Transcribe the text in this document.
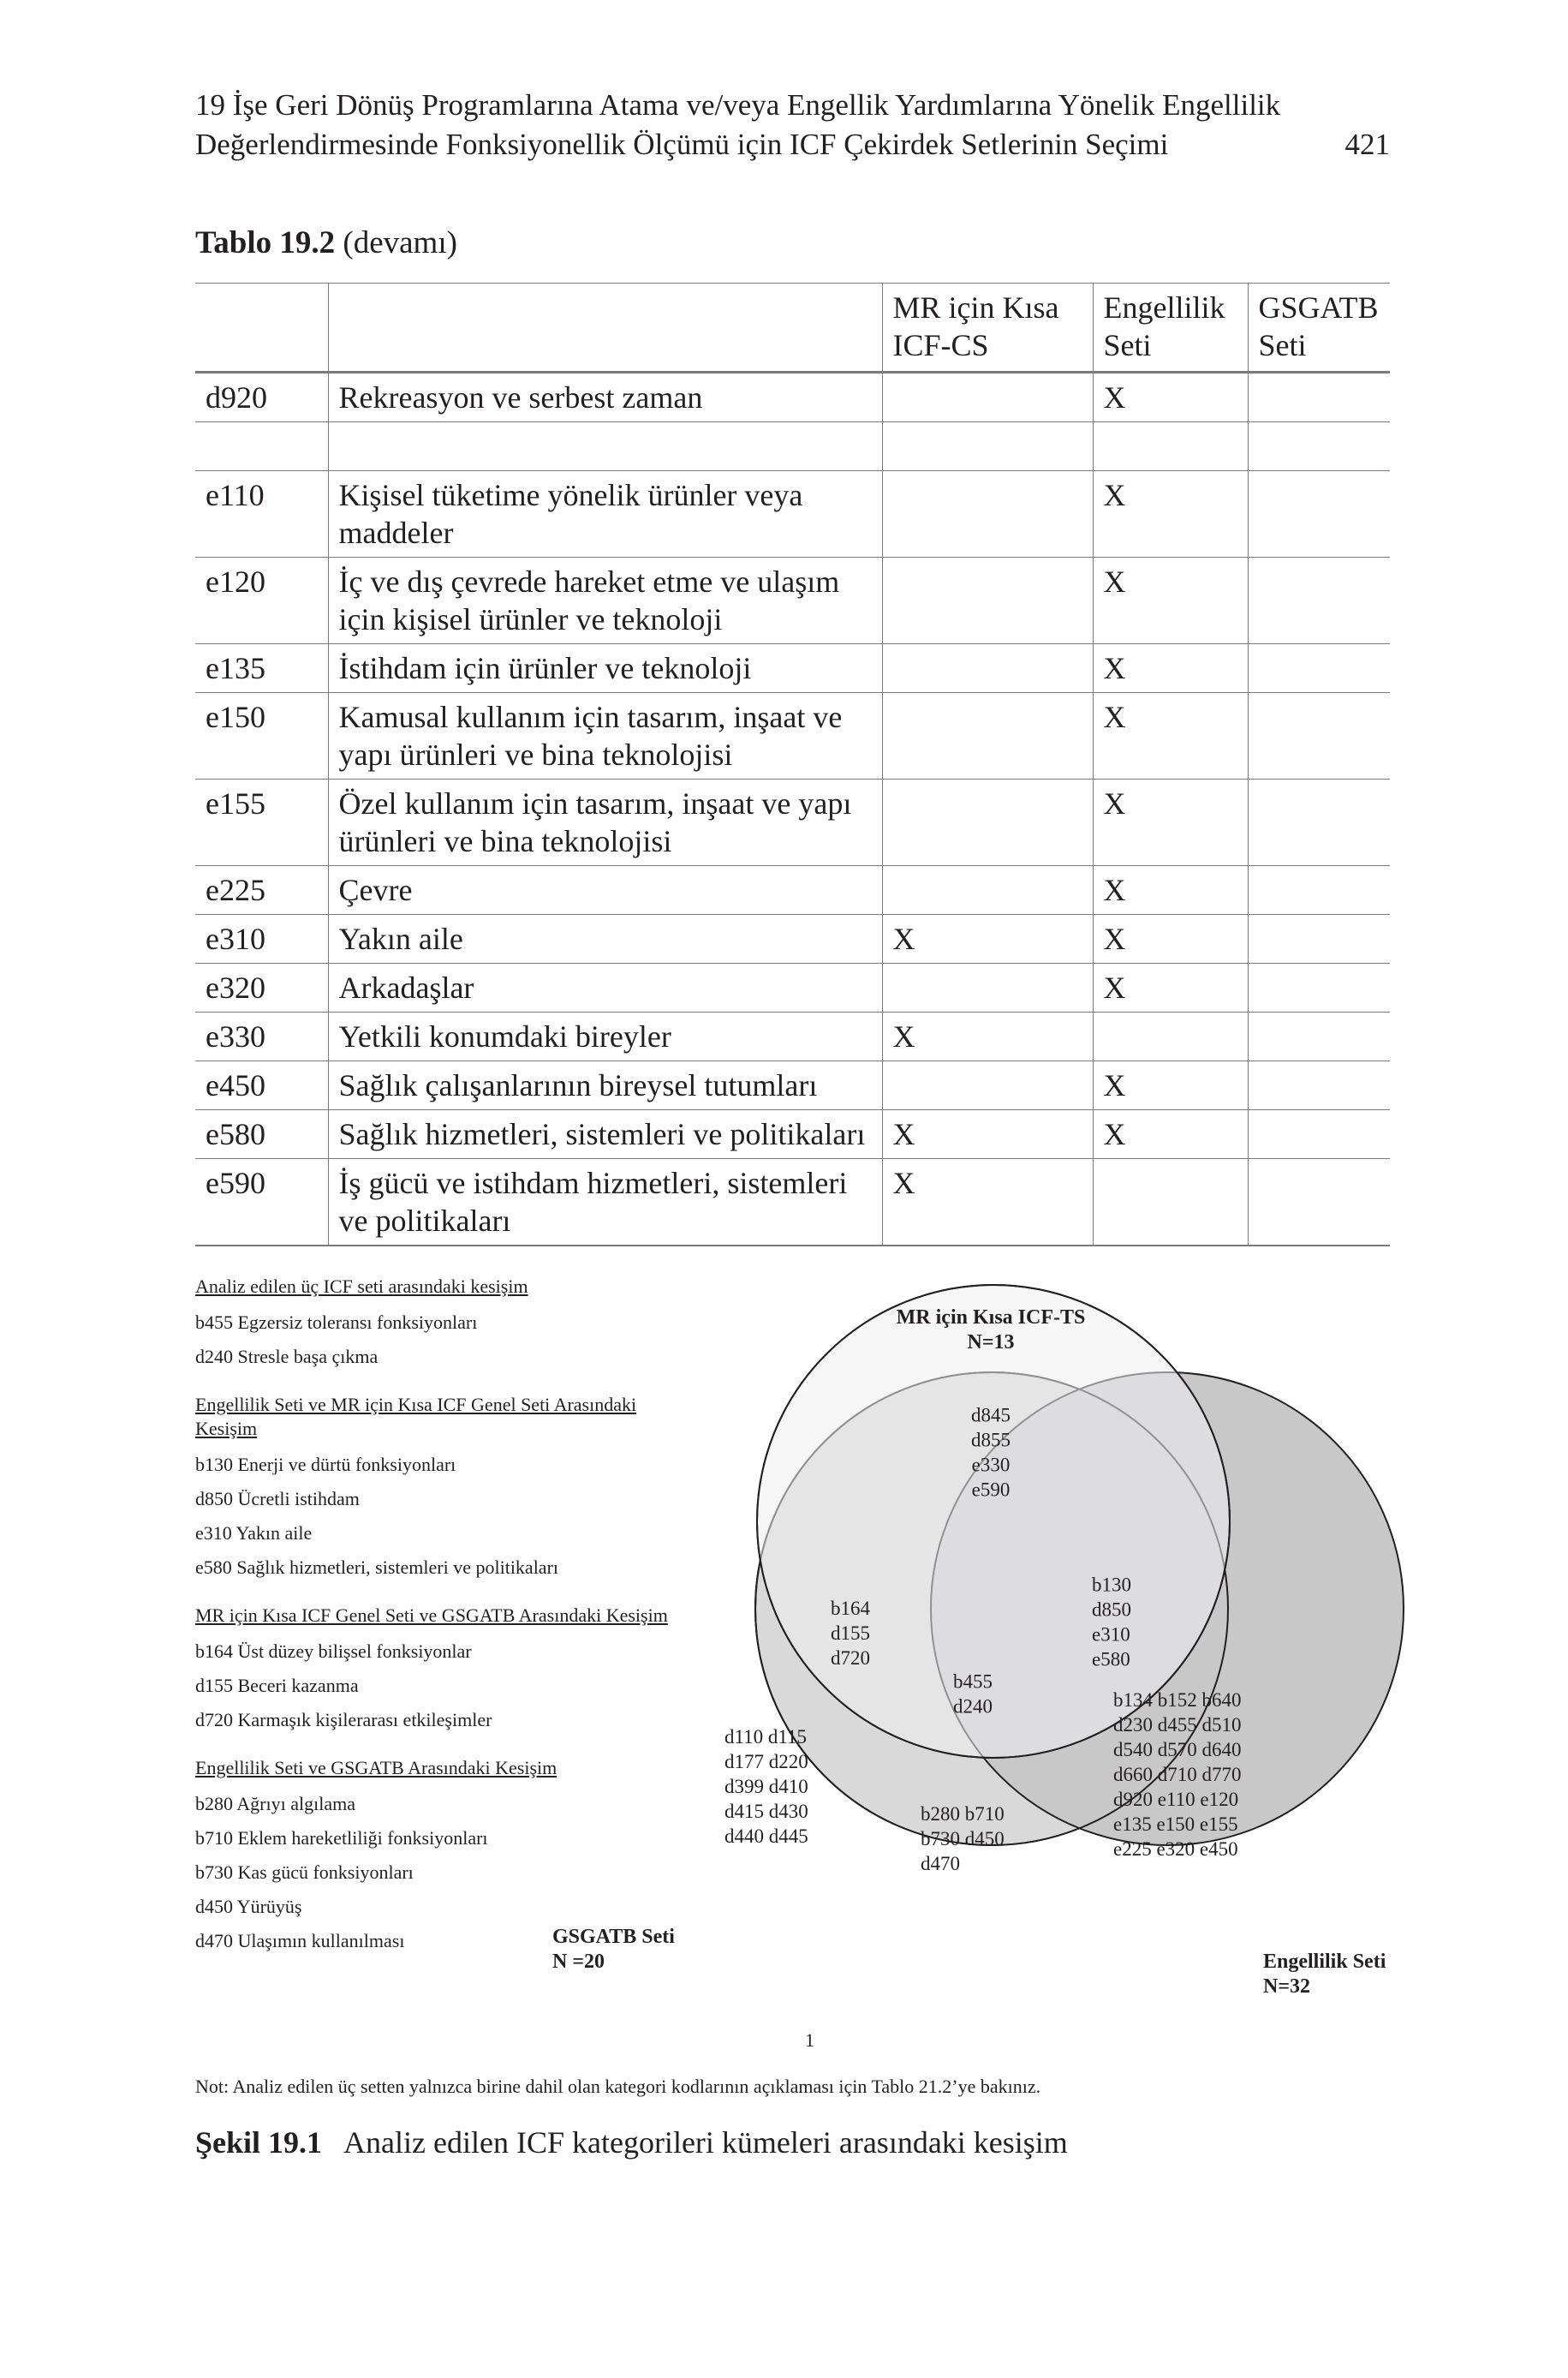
19 İşe Geri Dönüş Programlarına Atama ve/veya Engellik Yardımlarına Yönelik Engellilik
Değerlendirmesinde Fonksiyonellik Ölçümü için ICF Çekirdek Setlerinin Seçimi	421
Tablo 19.2 (devamı)
		MR için Kısa ICF-CS	Engellilik Seti	GSGATB Seti
d920	Rekreasyon ve serbest zaman		X	

e110	Kişisel tüketime yönelik ürünler veya maddeler		X	
e120	İç ve dış çevrede hareket etme ve ulaşım için kişisel ürünler ve teknoloji		X	
e135	İstihdam için ürünler ve teknoloji		X	
e150	Kamusal kullanım için tasarım, inşaat ve yapı ürünleri ve bina teknolojisi		X	
e155	Özel kullanım için tasarım, inşaat ve yapı ürünleri ve bina teknolojisi		X	
e225	Çevre		X	
e310	Yakın aile	X	X	
e320	Arkadaşlar		X	
e330	Yetkili konumdaki bireyler	X		
e450	Sağlık çalışanlarının bireysel tutumları		X	
e580	Sağlık hizmetleri, sistemleri ve politikaları	X	X	
e590	İş gücü ve istihdam hizmetleri, sistemleri ve politikaları	X		
Analiz edilen üç ICF seti arasındaki kesişim
b455 Egzersiz toleransı fonksiyonları
d240 Stresle başa çıkma
Engellilik Seti ve MR için Kısa ICF Genel Seti Arasındaki Kesişim
b130 Enerji ve dürtü fonksiyonları
d850 Ücretli istihdam
e310 Yakın aile
e580 Sağlık hizmetleri, sistemleri ve politikaları
MR için Kısa ICF Genel Seti ve GSGATB Arasındaki Kesişim
b164 Üst düzey bilişsel fonksiyonlar
d155 Beceri kazanma
d720 Karmaşık kişilerarası etkileşimler
Engellilik Seti ve GSGATB Arasındaki Kesişim
b280 Ağrıyı algılama
b710 Eklem hareketliliği fonksiyonları
b730 Kas gücü fonksiyonları
d450 Yürüyüş
d470 Ulaşımın kullanılması
MR için Kısa ICF-TS
N=13
GSGATB Seti
N =20	Engellilik Seti
N=32
d845
d855
e330
e590
b164
d155
d720
b130
d850
e310
e580
b455
d240
d110 d115
d177 d220
d399 d410
d415 d430
d440 d445
b280 b710
b730 d450
d470
b134 b152 b640
d230 d455 d510
d540 d570 d640
d660 d710 d770
d920 e110 e120
e135 e150 e155
e225 e320 e450
1
Not: Analiz edilen üç setten yalnızca birine dahil olan kategori kodlarının açıklaması için Tablo 21.2’ye bakınız.
Şekil 19.1 Analiz edilen ICF kategorileri kümeleri arasındaki kesişim
